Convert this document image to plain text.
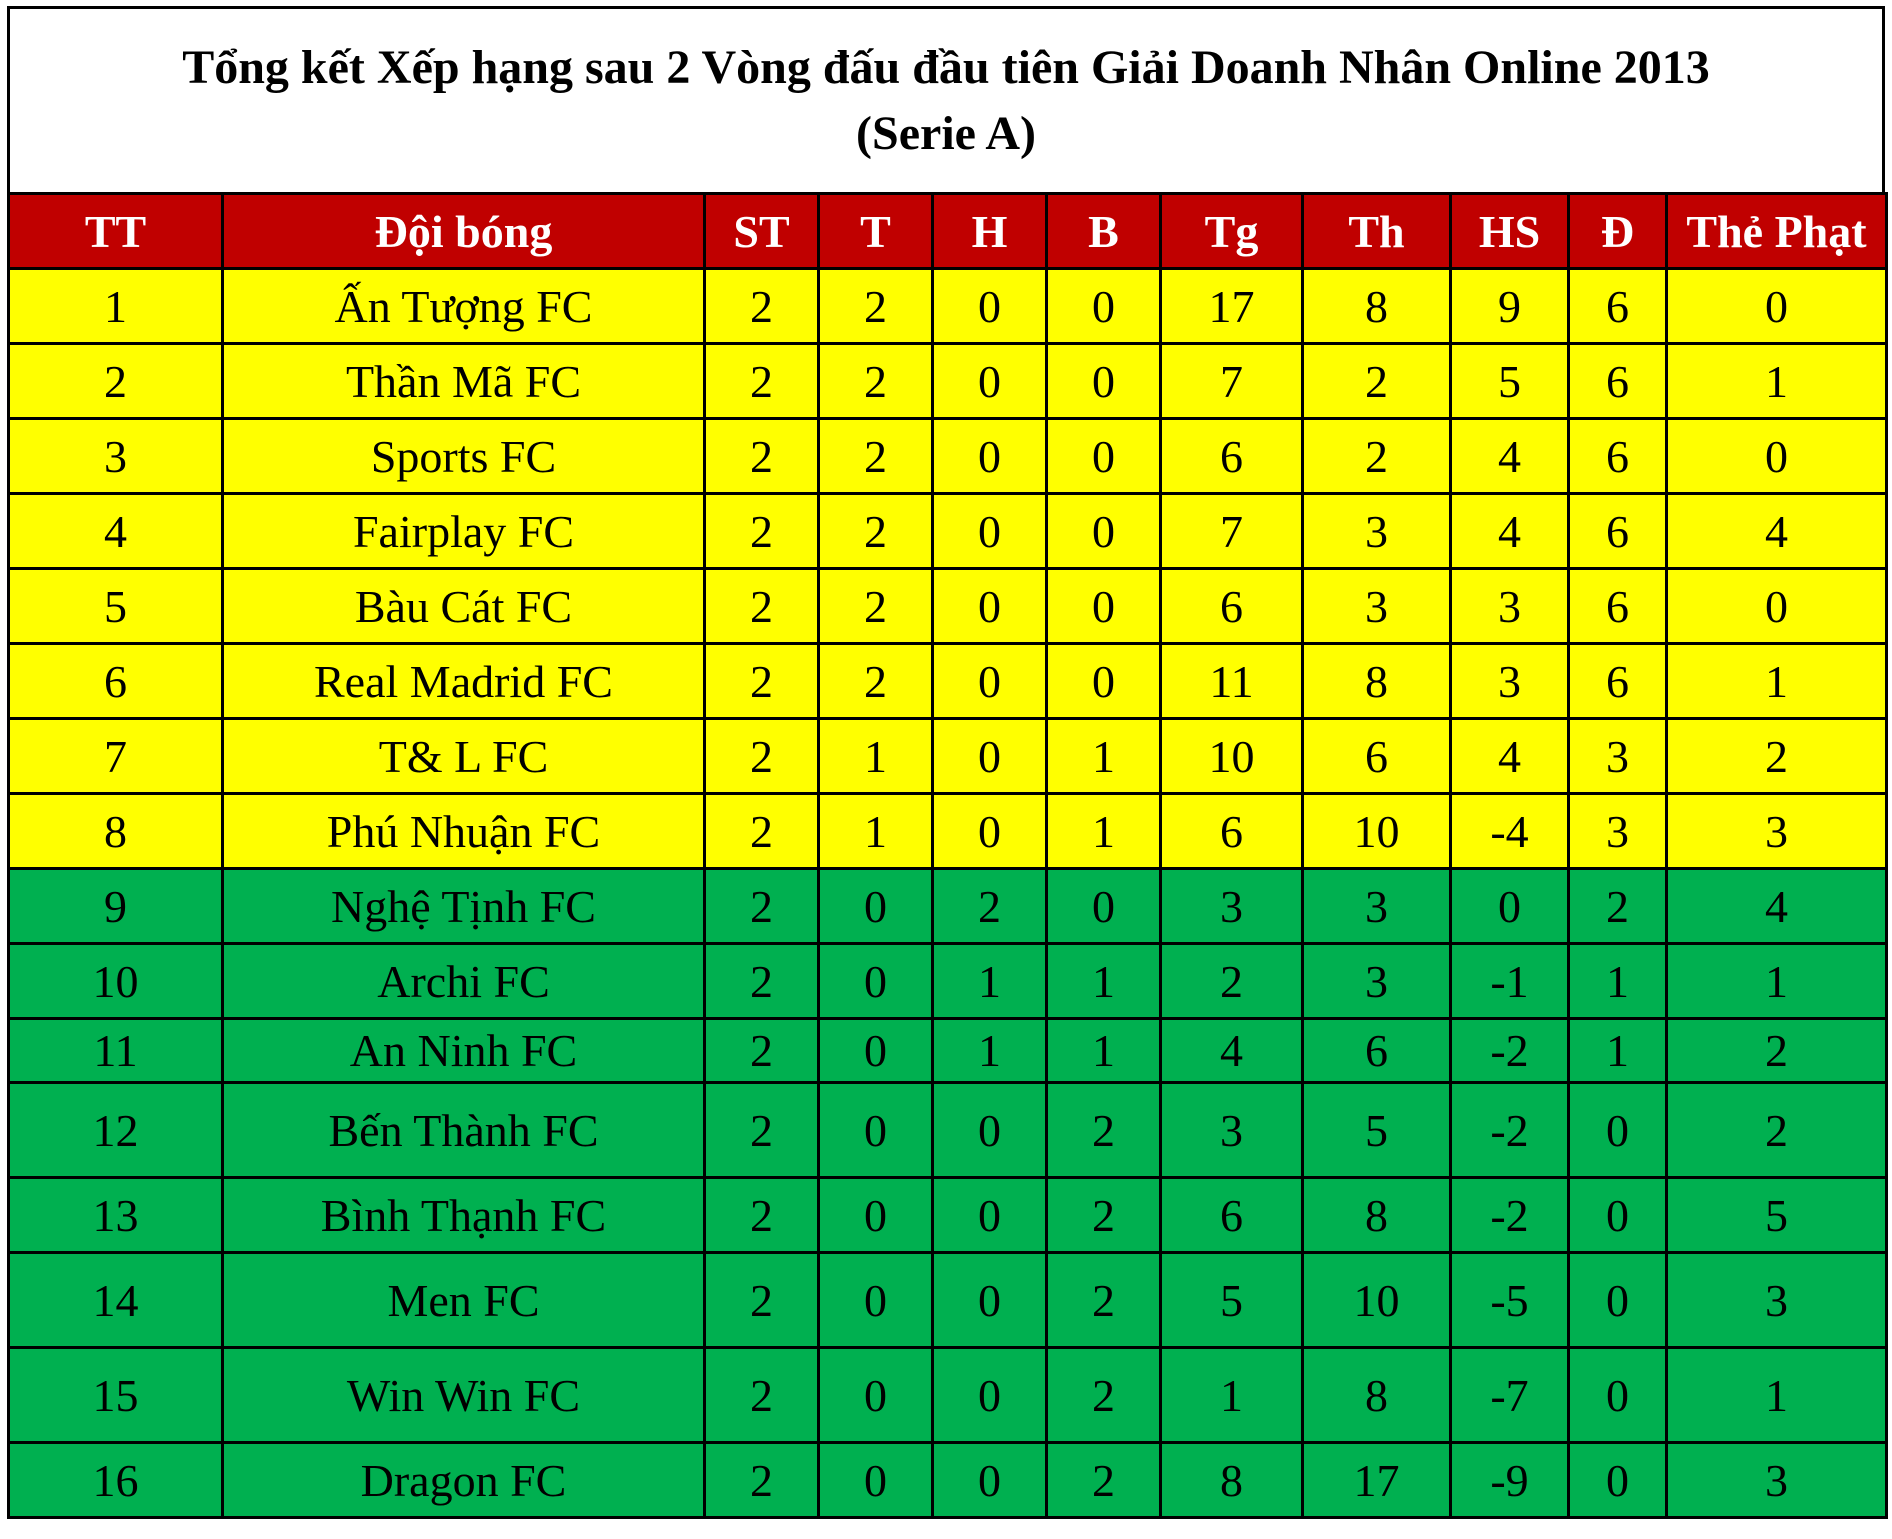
Tổng kết Xếp hạng sau 2 Vòng đấu đầu tiên Giải Doanh Nhân Online 2013
(Serie A)
TT	Đội bóng	ST	T	H	B	Tg	Th	HS	Đ	Thẻ Phạt
1	Ấn Tượng FC	2	2	0	0	17	8	9	6	0
2	Thần Mã FC	2	2	0	0	7	2	5	6	1
3	Sports FC	2	2	0	0	6	2	4	6	0
4	Fairplay FC	2	2	0	0	7	3	4	6	4
5	Bàu Cát FC	2	2	0	0	6	3	3	6	0
6	Real Madrid FC	2	2	0	0	11	8	3	6	1
7	T& L FC	2	1	0	1	10	6	4	3	2
8	Phú Nhuận FC	2	1	0	1	6	10	-4	3	3
9	Nghệ Tịnh FC	2	0	2	0	3	3	0	2	4
10	Archi FC	2	0	1	1	2	3	-1	1	1
11	An Ninh FC	2	0	1	1	4	6	-2	1	2
12	Bến Thành FC	2	0	0	2	3	5	-2	0	2
13	Bình Thạnh FC	2	0	0	2	6	8	-2	0	5
14	Men FC	2	0	0	2	5	10	-5	0	3
15	Win Win FC	2	0	0	2	1	8	-7	0	1
16	Dragon FC	2	0	0	2	8	17	-9	0	3
